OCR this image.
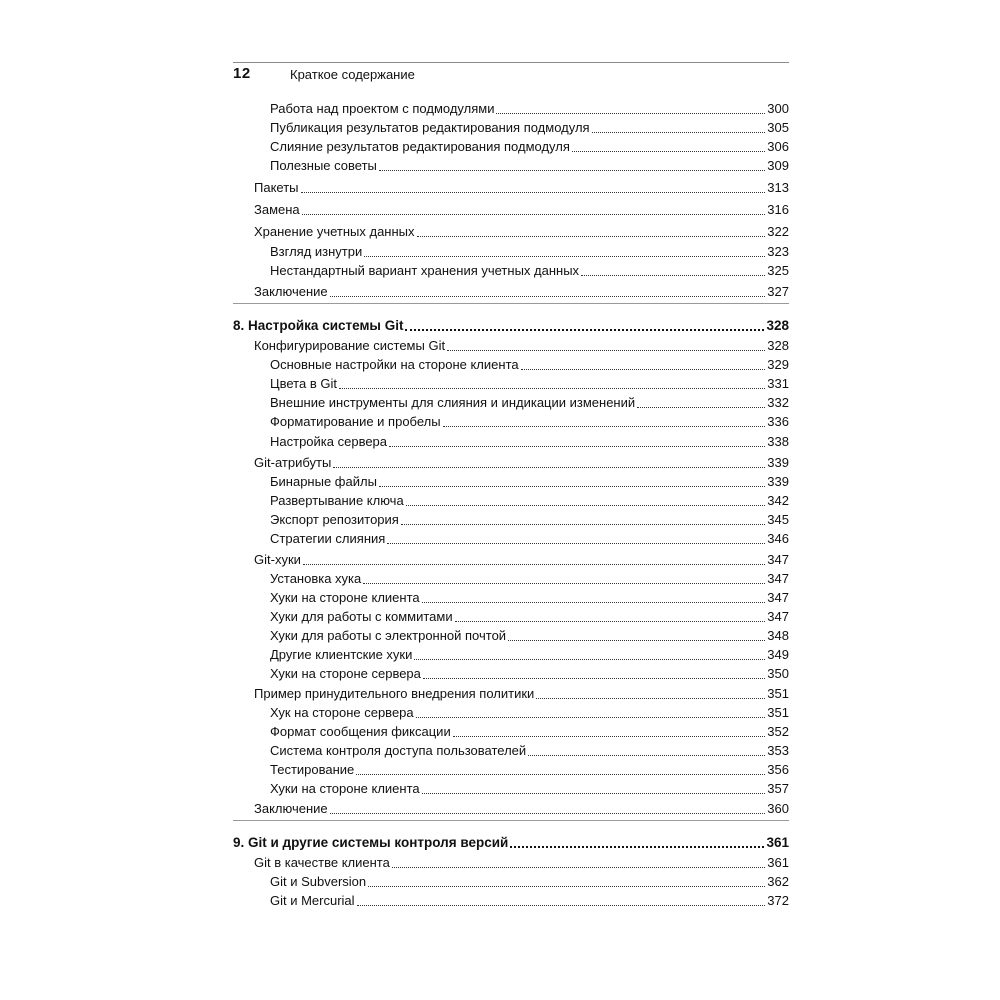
12	Краткое содержание
Работа над проектом с подмодулями	300
Публикация результатов редактирования подмодуля	305
Слияние результатов редактирования подмодуля	306
Полезные советы	309
Пакеты	313
Замена	316
Хранение учетных данных	322
Взгляд изнутри	323
Нестандартный вариант хранения учетных данных	325
Заключение	327
8. Настройка системы Git	328
Конфигурирование системы Git	328
Основные настройки на стороне клиента	329
Цвета в Git	331
Внешние инструменты для слияния и индикации изменений	332
Форматирование и пробелы	336
Настройка сервера	338
Git-атрибуты	339
Бинарные файлы	339
Развертывание ключа	342
Экспорт репозитория	345
Стратегии слияния	346
Git-хуки	347
Установка хука	347
Хуки на стороне клиента	347
Хуки для работы с коммитами	347
Хуки для работы с электронной почтой	348
Другие клиентские хуки	349
Хуки на стороне сервера	350
Пример принудительного внедрения политики	351
Хук на стороне сервера	351
Формат сообщения фиксации	352
Система контроля доступа пользователей	353
Тестирование	356
Хуки на стороне клиента	357
Заключение	360
9. Git и другие системы контроля версий	361
Git в качестве клиента	361
Git и Subversion	362
Git и Mercurial	372
